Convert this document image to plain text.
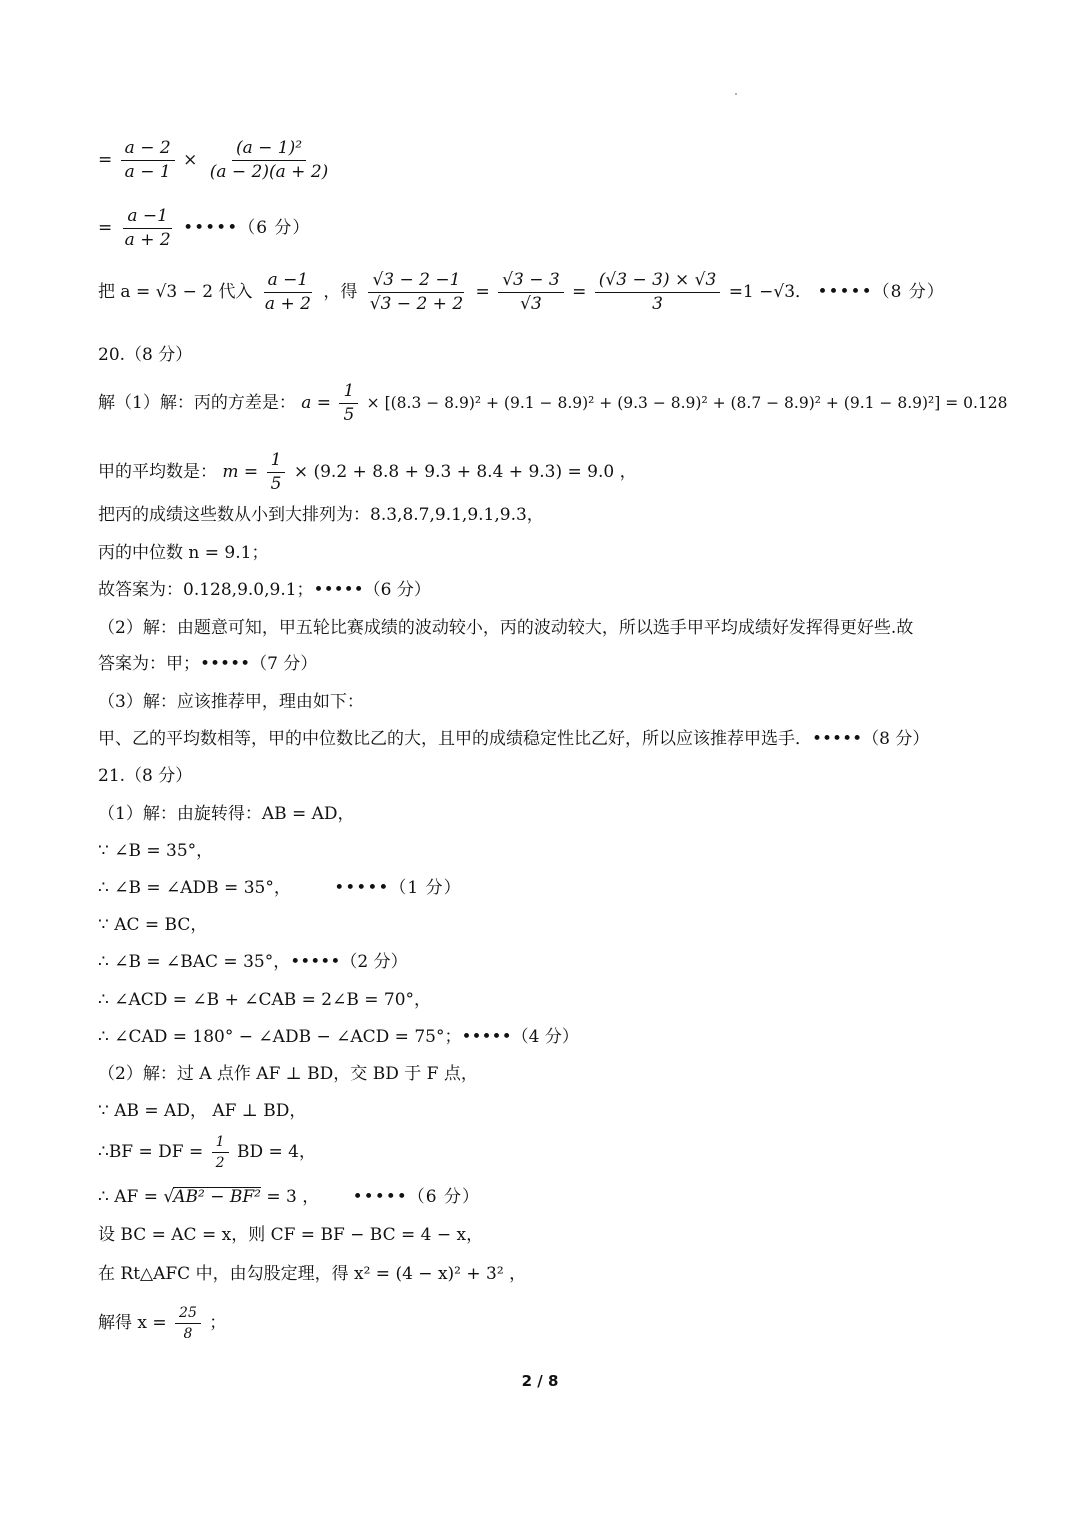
= $\frac{a - 2}{a - 1} \times \frac{\text{(a − 1)²}}{(a - 2)(a + 2)}$
= $\frac{a -1}{a + 2}$ •••••（6 分）
把 a = √3 − 2 代入 $\frac{a -1}{a + 2}$ ，得 $\frac{√3 - 2 -1}{√3 - 2 + 2} = \frac{√3 - 3}{√3} = \frac{(√3 - 3) \times √3}{3} =1 -√3$． •••••（8 分）
20.（8 分）
解（1）解：丙的方差是： $a = \frac{1}{5} \times [(8.3 - 8.9)^2 + (9.1 - 8.9)^2 + (9.3 - 8.9)^2 + (8.7 - 8.9)^2 + (9.1 - 8.9)^2] = 0.128$
甲的平均数是： $m = \frac{1}{5} \times (9.2 + 8.8 + 9.3 + 8.4 + 9.3) = 9.0$ ，
把丙的成绩这些数从小到大排列为：8.3,8.7,9.1,9.1,9.3，
丙的中位数 n = 9.1；
故答案为：0.128,9.0,9.1；•••••（6 分）
（2）解：由题意可知，甲五轮比赛成绩的波动较小，丙的波动较大，所以选手甲平均成绩好发挥得更好些.故
答案为：甲；•••••（7 分）
（3）解：应该推荐甲，理由如下：
甲、乙的平均数相等，甲的中位数比乙的大，且甲的成绩稳定性比乙好，所以应该推荐甲选手．•••••（8 分）
21.（8 分）
（1）解：由旋转得：AB = AD，
∵ ∠B = 35°，
∴ ∠B = ∠ADB = 35°，	•••••（1 分）
∵ AC = BC，
∴ ∠B = ∠BAC = 35°，•••••（2 分）
∴ ∠ACD = ∠B + ∠CAB = 2∠B = 70°，
∴ ∠CAD = 180° − ∠ADB − ∠ACD = 75°；•••••（4 分）
（2）解：过 A 点作 AF ⊥ BD，交 BD 于 F 点，
∵ AB = AD， AF ⊥ BD，
∴BF = DF = $\frac{1}{2}$ BD = 4，
∴ AF = √AB² − BF² = 3 ， •••••（6 分）
设 BC = AC = x，则 CF = BF − BC = 4 − x，
在 Rt△AFC 中，由勾股定理，得 x² = (4 − x)² + 3² ，
解得 $x = \frac{25}{8}$ ；
2 / 8
